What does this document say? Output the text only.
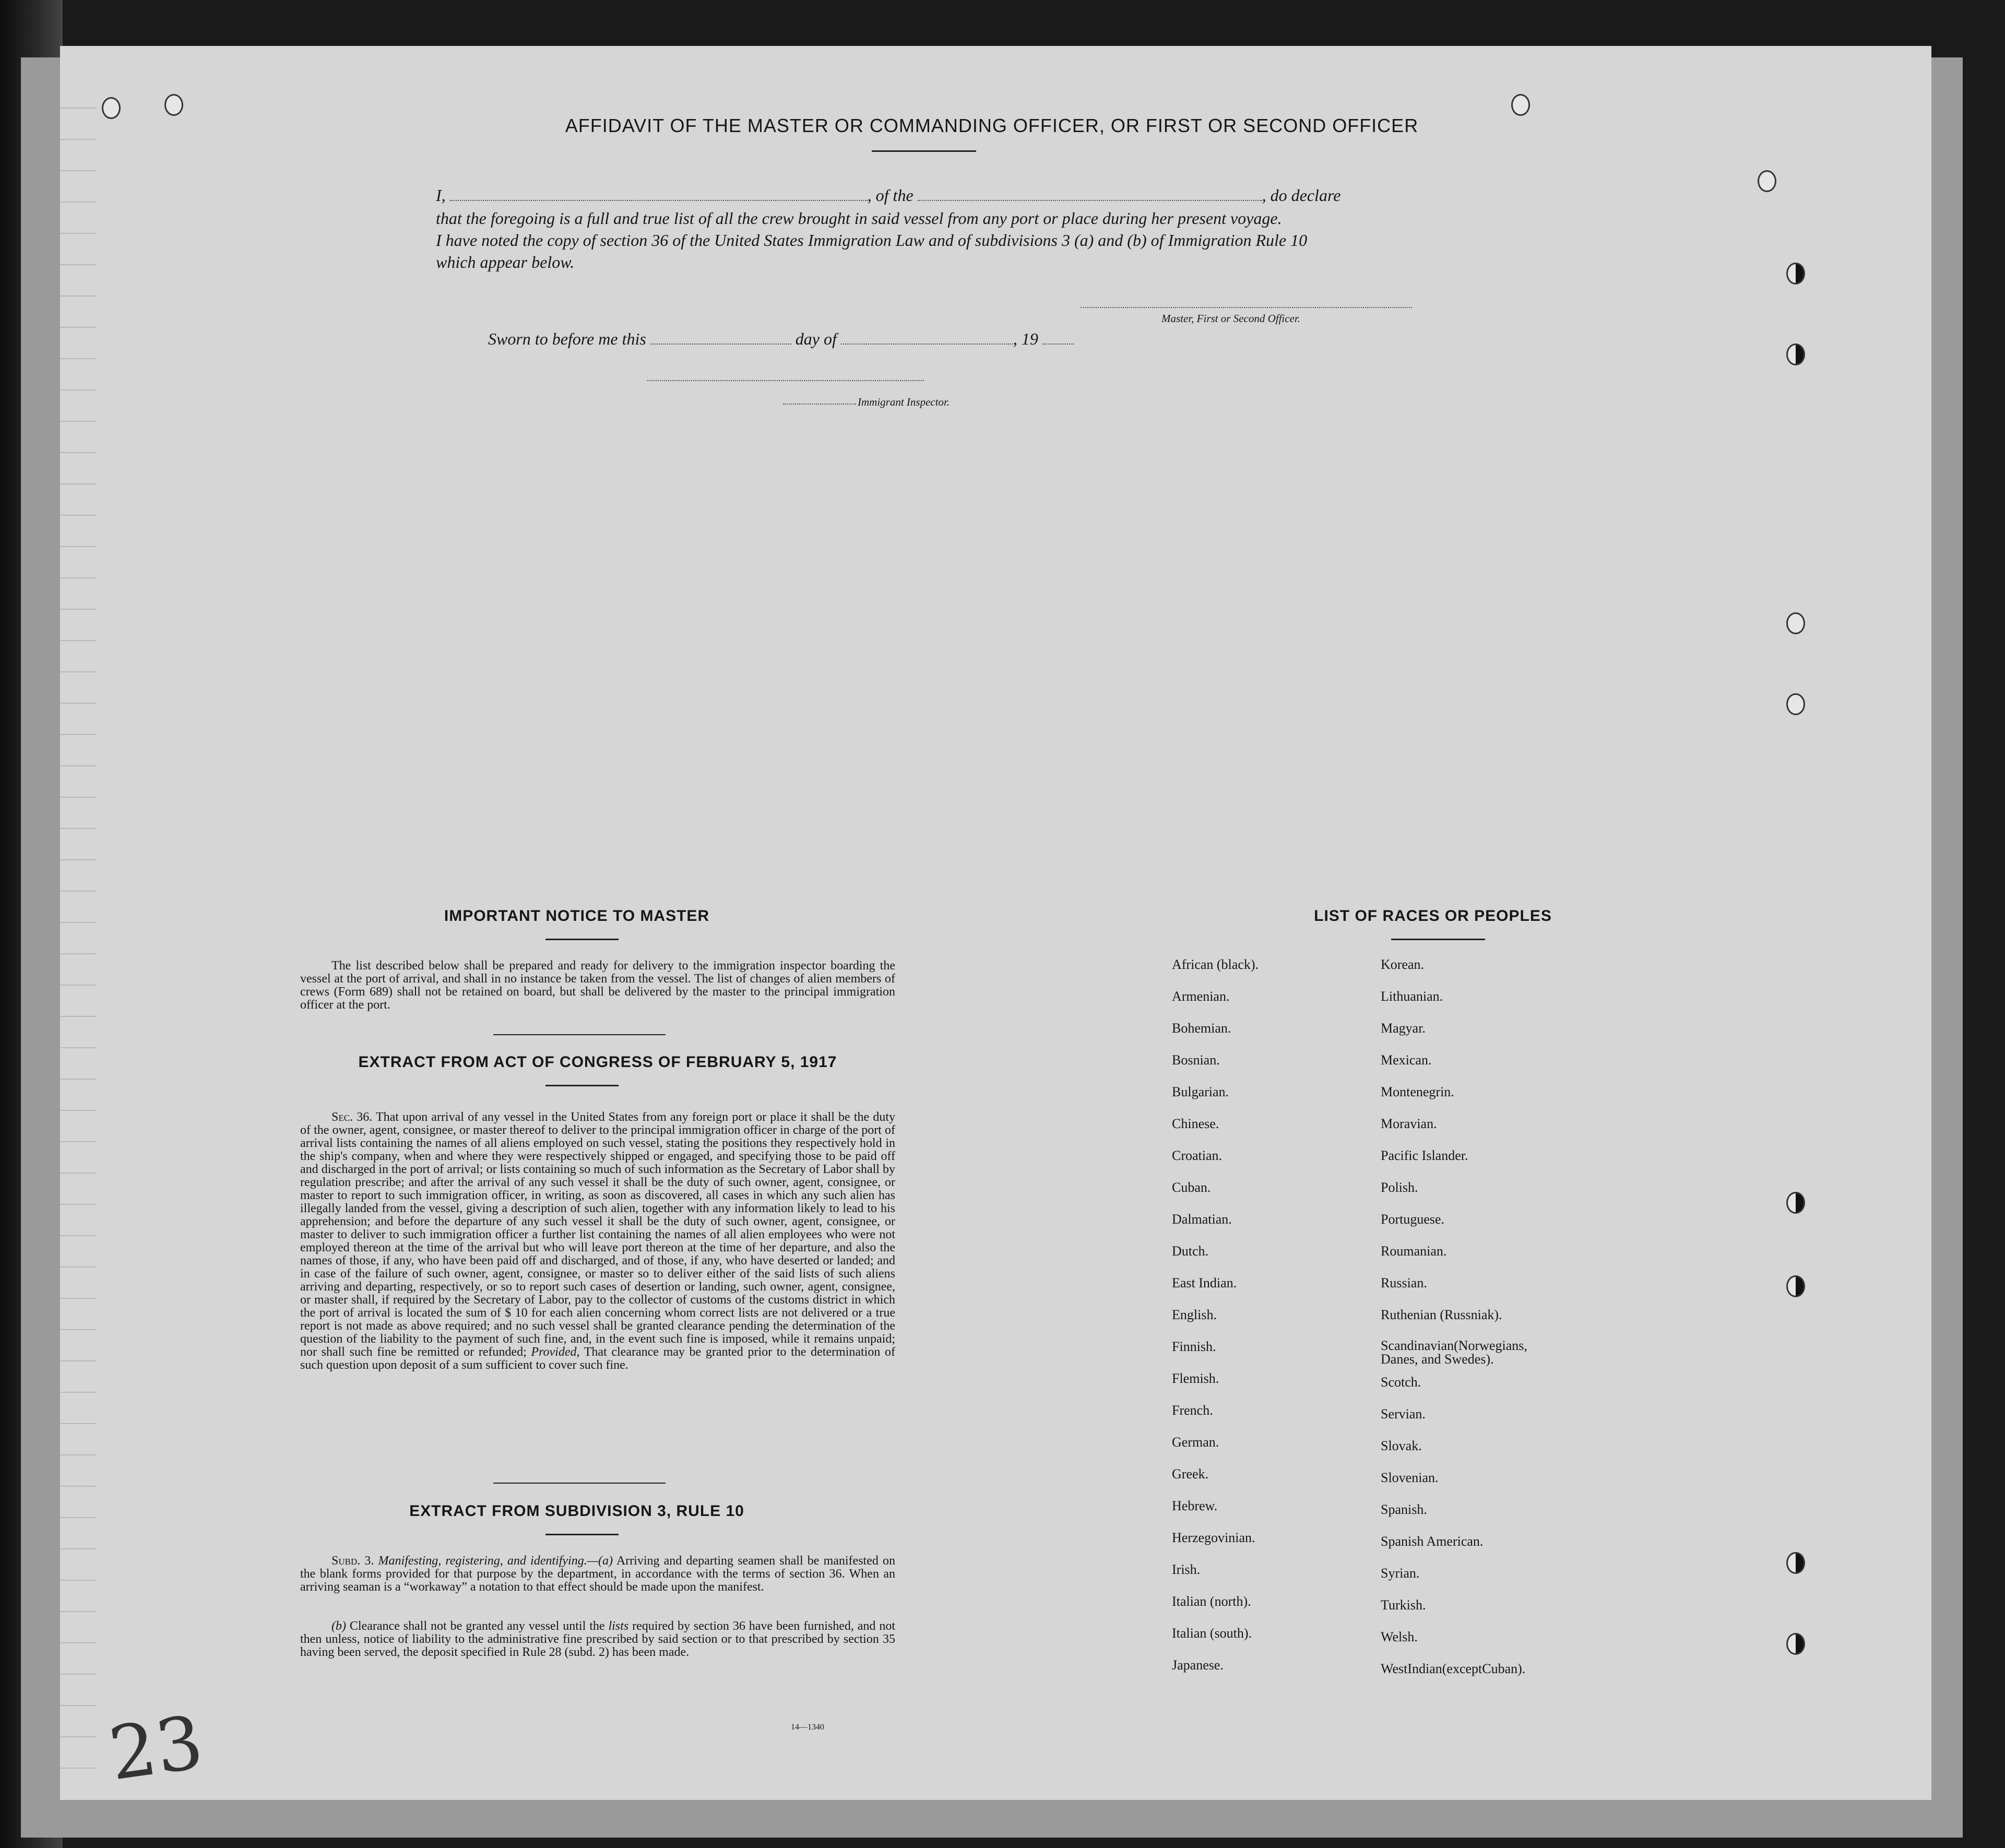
AFFIDAVIT OF THE MASTER OR COMMANDING OFFICER, OR FIRST OR SECOND OFFICER
I,	, of the	, do declare
that the foregoing is a full and true list of all the crew brought in said vessel from any port or place during her present voyage.
I have noted the copy of section 36 of the United States Immigration Law and of subdivisions 3 (a) and (b) of Immigration Rule 10
which appear below.
Master, First or Second Officer.
Sworn to before me this	day of	, 19
Immigrant Inspector.
IMPORTANT NOTICE TO MASTER
The list described below shall be prepared and ready for delivery to the immigration inspector boarding the vessel at the port of arrival, and shall in no instance be taken from the vessel. The list of changes of alien members of crews (Form 689) shall not be retained on board, but shall be delivered by the master to the principal immigration officer at the port.
EXTRACT FROM ACT OF CONGRESS OF FEBRUARY 5, 1917
Sec. 36. That upon arrival of any vessel in the United States from any foreign port or place it shall be the duty of the owner, agent, consignee, or master thereof to deliver to the principal immigration officer in charge of the port of arrival lists containing the names of all aliens employed on such vessel, stating the positions they respectively hold in the ship's company, when and where they were respectively shipped or engaged, and specifying those to be paid off and discharged in the port of arrival; or lists containing so much of such information as the Secretary of Labor shall by regulation prescribe; and after the arrival of any such vessel it shall be the duty of such owner, agent, consignee, or master to report to such immigration officer, in writing, as soon as discovered, all cases in which any such alien has illegally landed from the vessel, giving a description of such alien, together with any information likely to lead to his apprehension; and before the departure of any such vessel it shall be the duty of such owner, agent, consignee, or master to deliver to such immigration officer a further list containing the names of all alien employees who were not employed thereon at the time of the arrival but who will leave port thereon at the time of her departure, and also the names of those, if any, who have been paid off and discharged, and of those, if any, who have deserted or landed; and in case of the failure of such owner, agent, consignee, or master so to deliver either of the said lists of such aliens arriving and departing, respectively, or so to report such cases of desertion or landing, such owner, agent, consignee, or master shall, if required by the Secretary of Labor, pay to the collector of customs of the customs district in which the port of arrival is located the sum of $ 10 for each alien concerning whom correct lists are not delivered or a true report is not made as above required; and no such vessel shall be granted clearance pending the determination of the question of the liability to the payment of such fine, and, in the event such fine is imposed, while it remains unpaid; nor shall such fine be remitted or refunded; Provided, That clearance may be granted prior to the determination of such question upon deposit of a sum sufficient to cover such fine.
EXTRACT FROM SUBDIVISION 3, RULE 10
Subd. 3. Manifesting, registering, and identifying.—(a) Arriving and departing seamen shall be manifested on the blank forms provided for that purpose by the department, in accordance with the terms of section 36. When an arriving seaman is a “workaway” a notation to that effect should be made upon the manifest.
(b) Clearance shall not be granted any vessel until the lists required by section 36 have been furnished, and not then unless, notice of liability to the administrative fine prescribed by said section or to that prescribed by section 35 having been served, the deposit specified in Rule 28 (subd. 2) has been made.
14—1340
LIST OF RACES OR PEOPLES
African (black).
Armenian.
Bohemian.
Bosnian.
Bulgarian.
Chinese.
Croatian.
Cuban.
Dalmatian.
Dutch.
East Indian.
English.
Finnish.
Flemish.
French.
German.
Greek.
Hebrew.
Herzegovinian.
Irish.
Italian (north).
Italian (south).
Japanese.
Korean.
Lithuanian.
Magyar.
Mexican.
Montenegrin.
Moravian.
Pacific Islander.
Polish.
Portuguese.
Roumanian.
Russian.
Ruthenian (Russniak).
Scandinavian(Norwegians,
Danes, and Swedes).
Scotch.
Servian.
Slovak.
Slovenian.
Spanish.
Spanish American.
Syrian.
Turkish.
Welsh.
WestIndian(exceptCuban).
23
